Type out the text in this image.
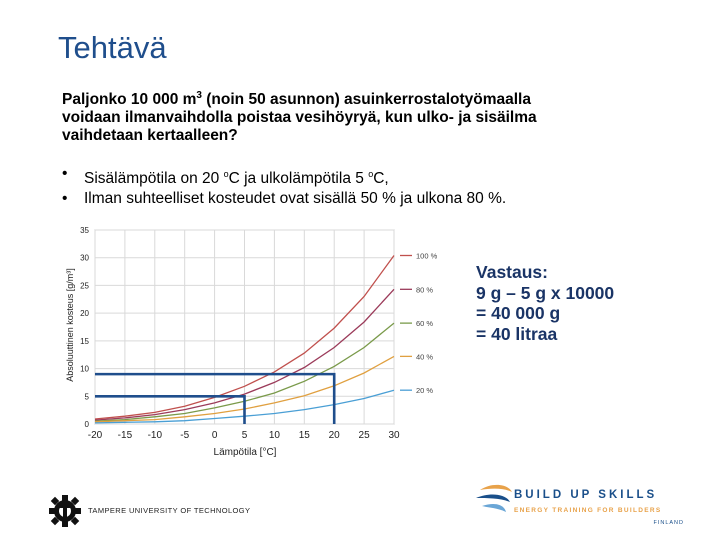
Tehtävä
Paljonko 10 000 $m^3$ (noin 50 asunnon) asuinkerrostalotyömaalla
voidaan ilmanvaihdolla poistaa vesihöyryä, kun ulko- ja sisäilma
vaihdetaan kertaalleen?
• Sisälämpötila on 20 $^o$C ja ulkolämpötila 5 $^o$C,
• Ilman suhteelliset kosteudet ovat sisällä 50 % ja ulkona 80 %.
-20 -15 -10 -5 0 5 10 15 20 25 30
0
5
10
15
20
25
30
35
100 %
80 %
60 %
40 %
20 %
Lämpötila [°C]
Absoluuttinen kosteus [g/m³]	Vastaus:
9 g – 5 g x 10000
= 40 000 g
= 40 litraa
TAMPERE UNIVERSITY OF TECHNOLOGY
BUILD UP SKILLS
ENERGY TRAINING FOR BUILDERS
FINLAND
